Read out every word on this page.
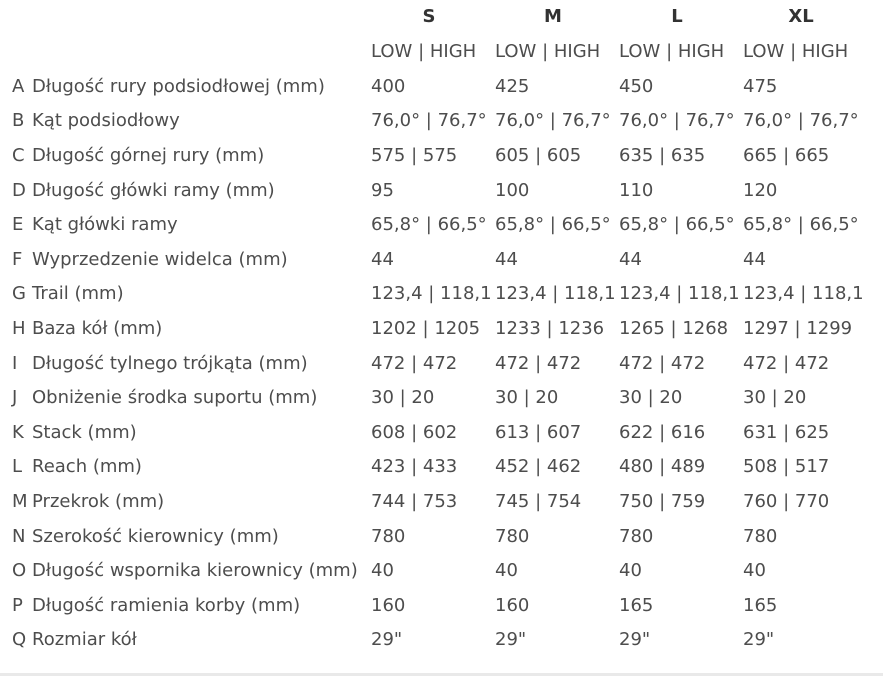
		S	M	L	XL
		LOW | HIGH	LOW | HIGH	LOW | HIGH	LOW | HIGH
A	Długość rury podsiodłowej (mm)	400	425	450	475
B	Kąt podsiodłowy	76,0° | 76,7°	76,0° | 76,7°	76,0° | 76,7°	76,0° | 76,7°
C	Długość górnej rury (mm)	575 | 575	605 | 605	635 | 635	665 | 665
D	Długość główki ramy (mm)	95	100	110	120
E	Kąt główki ramy	65,8° | 66,5°	65,8° | 66,5°	65,8° | 66,5°	65,8° | 66,5°
F	Wyprzedzenie widelca (mm)	44	44	44	44
G	Trail (mm)	123,4 | 118,1	123,4 | 118,1	123,4 | 118,1	123,4 | 118,1
H	Baza kół (mm)	1202 | 1205	1233 | 1236	1265 | 1268	1297 | 1299
I	Długość tylnego trójkąta (mm)	472 | 472	472 | 472	472 | 472	472 | 472
J	Obniżenie środka suportu (mm)	30 | 20	30 | 20	30 | 20	30 | 20
K	Stack (mm)	608 | 602	613 | 607	622 | 616	631 | 625
L	Reach (mm)	423 | 433	452 | 462	480 | 489	508 | 517
M	Przekrok (mm)	744 | 753	745 | 754	750 | 759	760 | 770
N	Szerokość kierownicy (mm)	780	780	780	780
O	Długość wspornika kierownicy (mm)	40	40	40	40
P	Długość ramienia korby (mm)	160	160	165	165
Q	Rozmiar kół	29"	29"	29"	29"
